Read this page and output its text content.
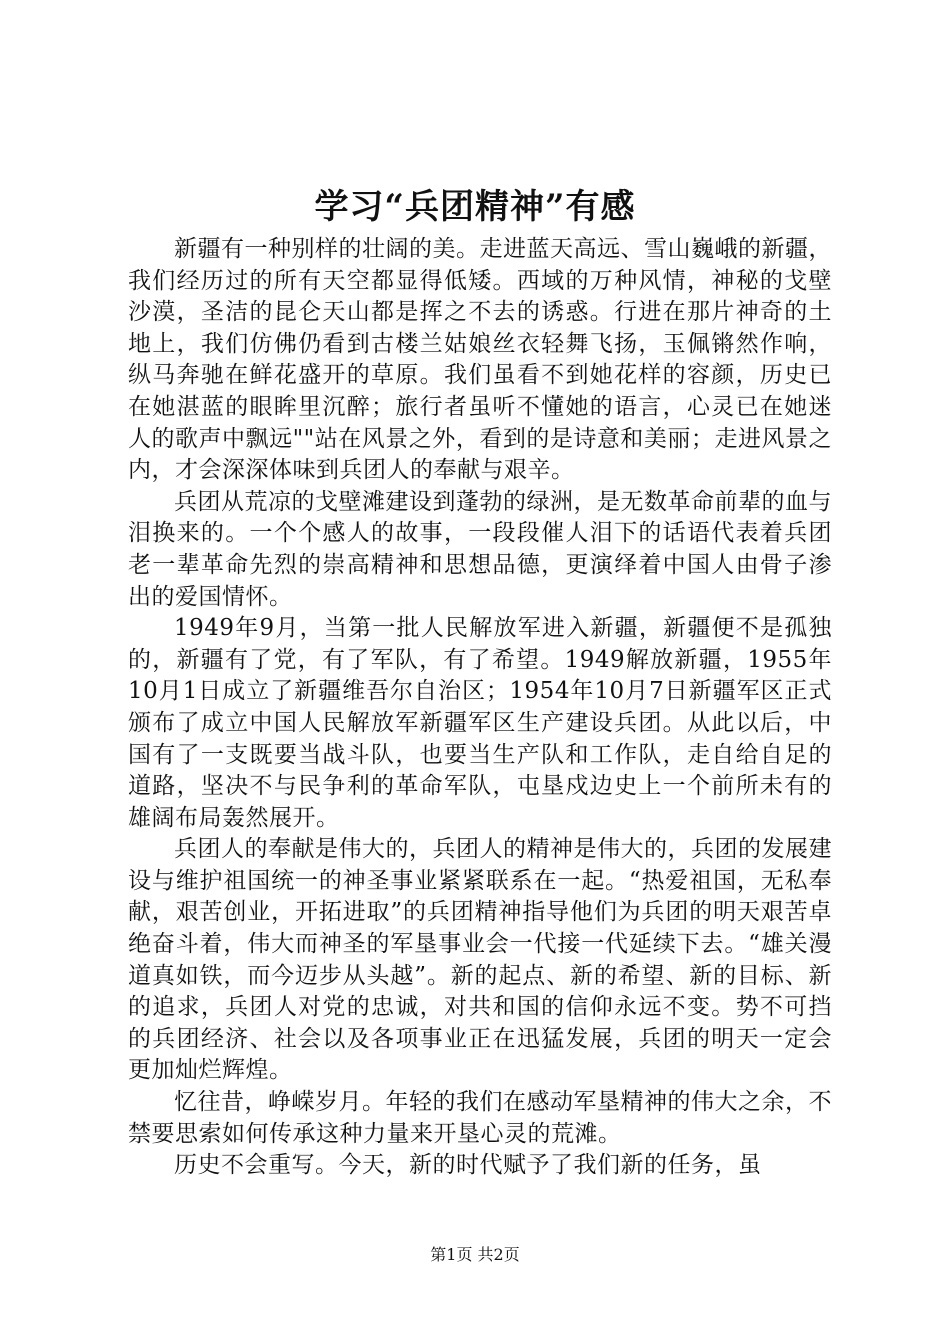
学习“兵团精神”有感

新疆有一种别样的壮阔的美。走进蓝天高远、雪山巍峨的新疆，我们经历过的所有天空都显得低矮。西域的万种风情，神秘的戈壁沙漠，圣洁的昆仑天山都是挥之不去的诱惑。行进在那片神奇的土地上，我们仿佛仍看到古楼兰姑娘丝衣轻舞飞扬，玉佩锵然作响，纵马奔驰在鲜花盛开的草原。我们虽看不到她花样的容颜，历史已在她湛蓝的眼眸里沉醉；旅行者虽听不懂她的语言，心灵已在她迷人的歌声中飘远""站在风景之外，看到的是诗意和美丽；走进风景之内，才会深深体味到兵团人的奉献与艰辛。

兵团从荒凉的戈壁滩建设到蓬勃的绿洲，是无数革命前辈的血与泪换来的。一个个感人的故事，一段段催人泪下的话语代表着兵团老一辈革命先烈的崇高精神和思想品德，更演绎着中国人由骨子渗出的爱国情怀。

1949年9月，当第一批人民解放军进入新疆，新疆便不是孤独的，新疆有了党，有了军队，有了希望。1949解放新疆，1955年10月1日成立了新疆维吾尔自治区；1954年10月7日新疆军区正式颁布了成立中国人民解放军新疆军区生产建设兵团。从此以后，中国有了一支既要当战斗队，也要当生产队和工作队，走自给自足的道路，坚决不与民争利的革命军队，屯垦戍边史上一个前所未有的雄阔布局轰然展开。

兵团人的奉献是伟大的，兵团人的精神是伟大的，兵团的发展建设与维护祖国统一的神圣事业紧紧联系在一起。“热爱祖国，无私奉献，艰苦创业，开拓进取”的兵团精神指导他们为兵团的明天艰苦卓绝奋斗着，伟大而神圣的军垦事业会一代接一代延续下去。“雄关漫道真如铁，而今迈步从头越”。新的起点、新的希望、新的目标、新的追求，兵团人对党的忠诚，对共和国的信仰永远不变。势不可挡的兵团经济、社会以及各项事业正在迅猛发展，兵团的明天一定会更加灿烂辉煌。

忆往昔，峥嵘岁月。年轻的我们在感动军垦精神的伟大之余，不禁要思索如何传承这种力量来开垦心灵的荒滩。

历史不会重写。今天，新的时代赋予了我们新的任务，虽

第1页 共2页
